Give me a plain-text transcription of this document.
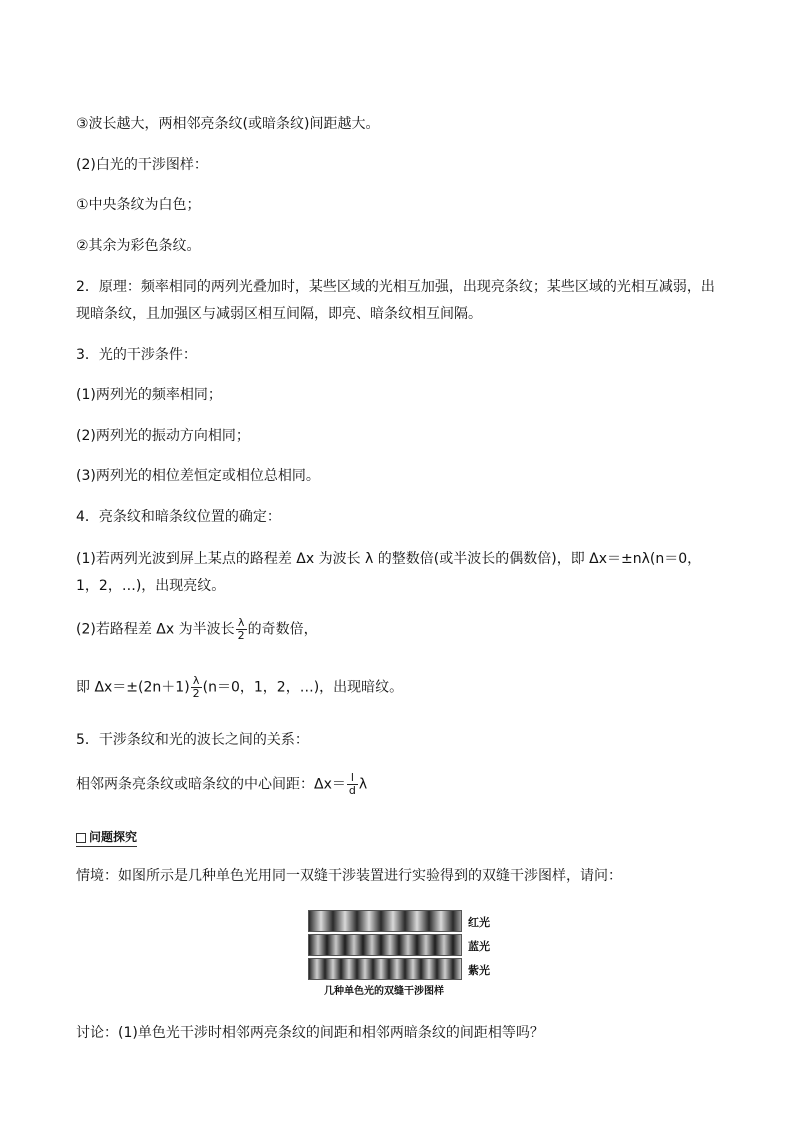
③波长越大，两相邻亮条纹(或暗条纹)间距越大。
(2)白光的干涉图样：
①中央条纹为白色；
②其余为彩色条纹。
2．原理：频率相同的两列光叠加时，某些区域的光相互加强，出现亮条纹；某些区域的光相互减弱，出
现暗条纹，且加强区与减弱区相互间隔，即亮、暗条纹相互间隔。
3．光的干涉条件：
(1)两列光的频率相同；
(2)两列光的振动方向相同；
(3)两列光的相位差恒定或相位总相同。
4．亮条纹和暗条纹位置的确定：
(1)若两列光波到屏上某点的路程差 Δx 为波长 λ 的整数倍(或半波长的偶数倍)，即 Δx＝±nλ(n＝0，
1，2，…)，出现亮纹。
(2)若路程差 Δx 为半波长 $\frac{\lambda}{2}$ 的奇数倍，
即 $\Delta x=\pm(2n+1) \frac{\lambda}{2} (n=0$，1，2，…)，出现暗纹。
5．干涉条纹和光的波长之间的关系：
相邻两条亮条纹或暗条纹的中心间距：$\Delta x= \frac{l}{d}$ λ
问题探究
情境：如图所示是几种单色光用同一双缝干涉装置进行实验得到的双缝干涉图样，请问：
红光
蓝光
紫光
几种单色光的双缝干涉图样
讨论：(1)单色光干涉时相邻两亮条纹的间距和相邻两暗条纹的间距相等吗？
